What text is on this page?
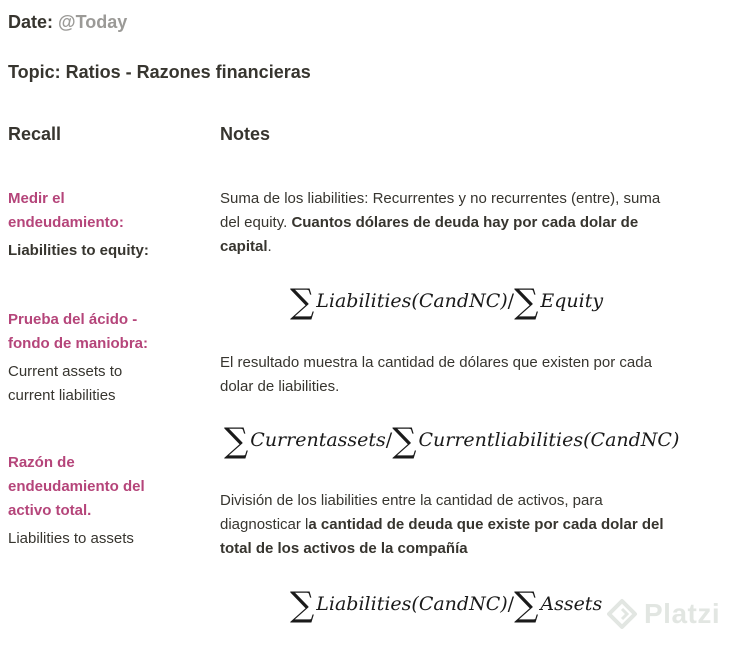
Date: @Today
Topic: Ratios - Razones financieras
Recall	Notes
Medir el
endeudamiento:
Liabilities to equity:
Prueba del ácido -
fondo de maniobra:
Current assets to
current liabilities
Razón de
endeudamiento del
activo total.
Liabilities to assets
Suma de los liabilities: Recurrentes y no recurrentes (entre), suma
del equity. Cuantos dólares de deuda hay por cada dolar de
capital.
∑ Liabilities(CandNC) / ∑ Equity
El resultado muestra la cantidad de dólares que existen por cada
dolar de liabilities.
∑ Currentassets / ∑ Currentliabilities(CandNC)
División de los liabilities entre la cantidad de activos, para
diagnosticar la cantidad de deuda que existe por cada dolar del
total de los activos de la compañía
∑ Liabilities(CandNC) / ∑ Assets Platzi
